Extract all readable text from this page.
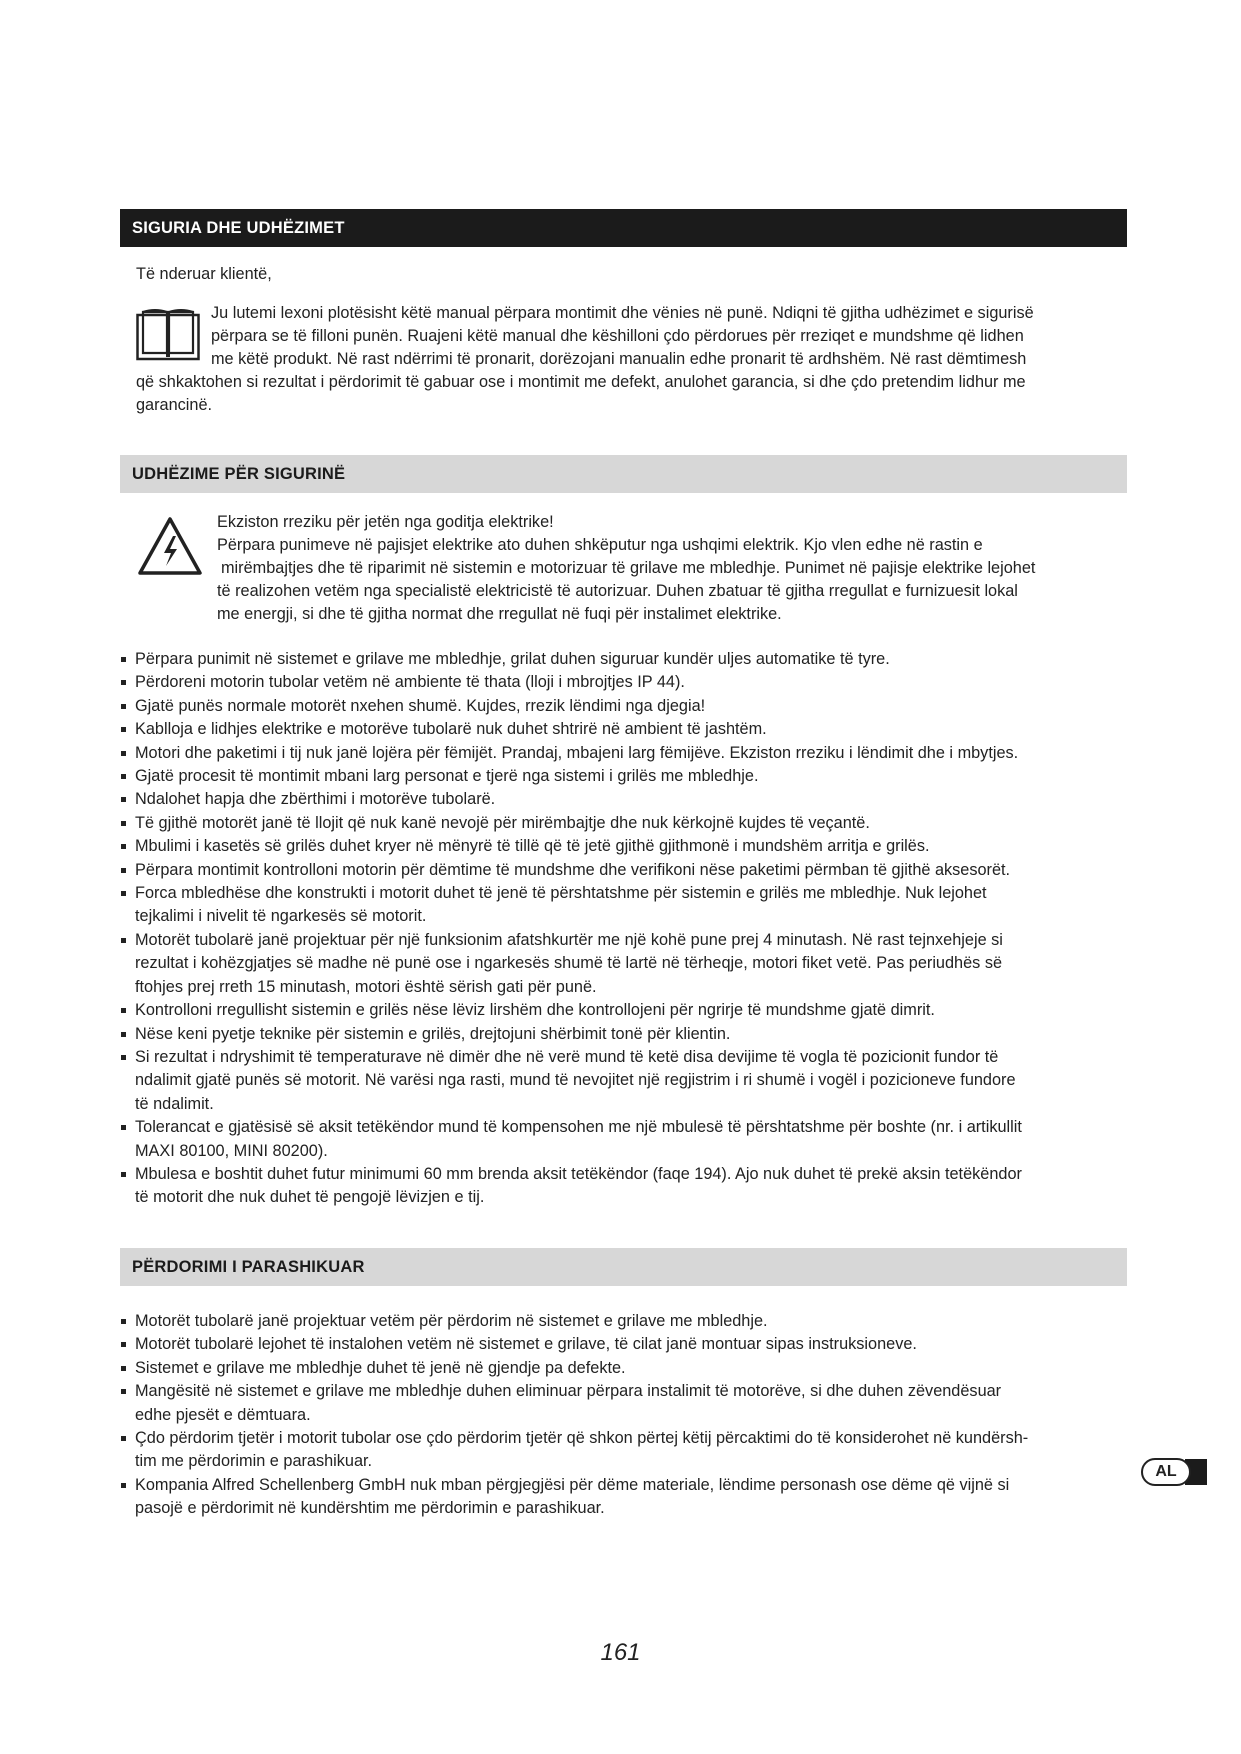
SIGURIA DHE UDHËZIMET
Të nderuar klientë,
Ju lutemi lexoni plotësisht këtë manual përpara montimit dhe vënies në punë. Ndiqni të gjitha udhëzimet e sigurisë
përpara se të filloni punën. Ruajeni këtë manual dhe këshilloni çdo përdorues për rreziqet e mundshme që lidhen
me këtë produkt. Në rast ndërrimi të pronarit, dorëzojani manualin edhe pronarit të ardhshëm. Në rast dëmtimesh
që shkaktohen si rezultat i përdorimit të gabuar ose i montimit me defekt, anulohet garancia, si dhe çdo pretendim lidhur me
garancinë.
UDHËZIME PËR SIGURINË
Ekziston rreziku për jetën nga goditja elektrike!
Përpara punimeve në pajisjet elektrike ato duhen shkëputur nga ushqimi elektrik. Kjo vlen edhe në rastin e
mirëmbajtjes dhe të riparimit në sistemin e motorizuar të grilave me mbledhje. Punimet në pajisje elektrike lejohet
të realizohen vetëm nga specialistë elektricistë të autorizuar. Duhen zbatuar të gjitha rregullat e furnizuesit lokal
me energji, si dhe të gjitha normat dhe rregullat në fuqi për instalimet elektrike.
Përpara punimit në sistemet e grilave me mbledhje, grilat duhen siguruar kundër uljes automatike të tyre.
Përdoreni motorin tubolar vetëm në ambiente të thata (lloji i mbrojtjes IP 44).
Gjatë punës normale motorët nxehen shumë. Kujdes, rrezik lëndimi nga djegia!
Kablloja e lidhjes elektrike e motorëve tubolarë nuk duhet shtrirë në ambient të jashtëm.
Motori dhe paketimi i tij nuk janë lojëra për fëmijët. Prandaj, mbajeni larg fëmijëve. Ekziston rreziku i lëndimit dhe i mbytjes.
Gjatë procesit të montimit mbani larg personat e tjerë nga sistemi i grilës me mbledhje.
Ndalohet hapja dhe zbërthimi i motorëve tubolarë.
Të gjithë motorët janë të llojit që nuk kanë nevojë për mirëmbajtje dhe nuk kërkojnë kujdes të veçantë.
Mbulimi i kasetës së grilës duhet kryer në mënyrë të tillë që të jetë gjithë gjithmonë i mundshëm arritja e grilës.
Përpara montimit kontrolloni motorin për dëmtime të mundshme dhe verifikoni nëse paketimi përmban të gjithë aksesorët.
Forca mbledhëse dhe konstrukti i motorit duhet të jenë të përshtatshme për sistemin e grilës me mbledhje. Nuk lejohet
tejkalimi i nivelit të ngarkesës së motorit.
Motorët tubolarë janë projektuar për një funksionim afatshkurtër me një kohë pune prej 4 minutash. Në rast tejnxehjeje si
rezultat i kohëzgjatjes së madhe në punë ose i ngarkesës shumë të lartë në tërheqje, motori fiket vetë. Pas periudhës së
ftohjes prej rreth 15 minutash, motori është sërish gati për punë.
Kontrolloni rregullisht sistemin e grilës nëse lëviz lirshëm dhe kontrollojeni për ngrirje të mundshme gjatë dimrit.
Nëse keni pyetje teknike për sistemin e grilës, drejtojuni shërbimit tonë për klientin.
Si rezultat i ndryshimit të temperaturave në dimër dhe në verë mund të ketë disa devijime të vogla të pozicionit fundor të
ndalimit gjatë punës së motorit. Në varësi nga rasti, mund të nevojitet një regjistrim i ri shumë i vogël i pozicioneve fundore
të ndalimit.
Tolerancat e gjatësisë së aksit tetëkëndor mund të kompensohen me një mbulesë të përshtatshme për boshte (nr. i artikullit
MAXI 80100, MINI 80200).
Mbulesa e boshtit duhet futur minimumi 60 mm brenda aksit tetëkëndor (faqe 194). Ajo nuk duhet të prekë aksin tetëkëndor
të motorit dhe nuk duhet të pengojë lëvizjen e tij.
PËRDORIMI I PARASHIKUAR
Motorët tubolarë janë projektuar vetëm për përdorim në sistemet e grilave me mbledhje.
Motorët tubolarë lejohet të instalohen vetëm në sistemet e grilave, të cilat janë montuar sipas instruksioneve.
Sistemet e grilave me mbledhje duhet të jenë në gjendje pa defekte.
Mangësitë në sistemet e grilave me mbledhje duhen eliminuar përpara instalimit të motorëve, si dhe duhen zëvendësuar
edhe pjesët e dëmtuara.
Çdo përdorim tjetër i motorit tubolar ose çdo përdorim tjetër që shkon përtej këtij përcaktimi do të konsiderohet në kundërsh-
tim me përdorimin e parashikuar.
Kompania Alfred Schellenberg GmbH nuk mban përgjegjësi për dëme materiale, lëndime personash ose dëme që vijnë si
pasojë e përdorimit në kundërshtim me përdorimin e parashikuar.
AL
161
